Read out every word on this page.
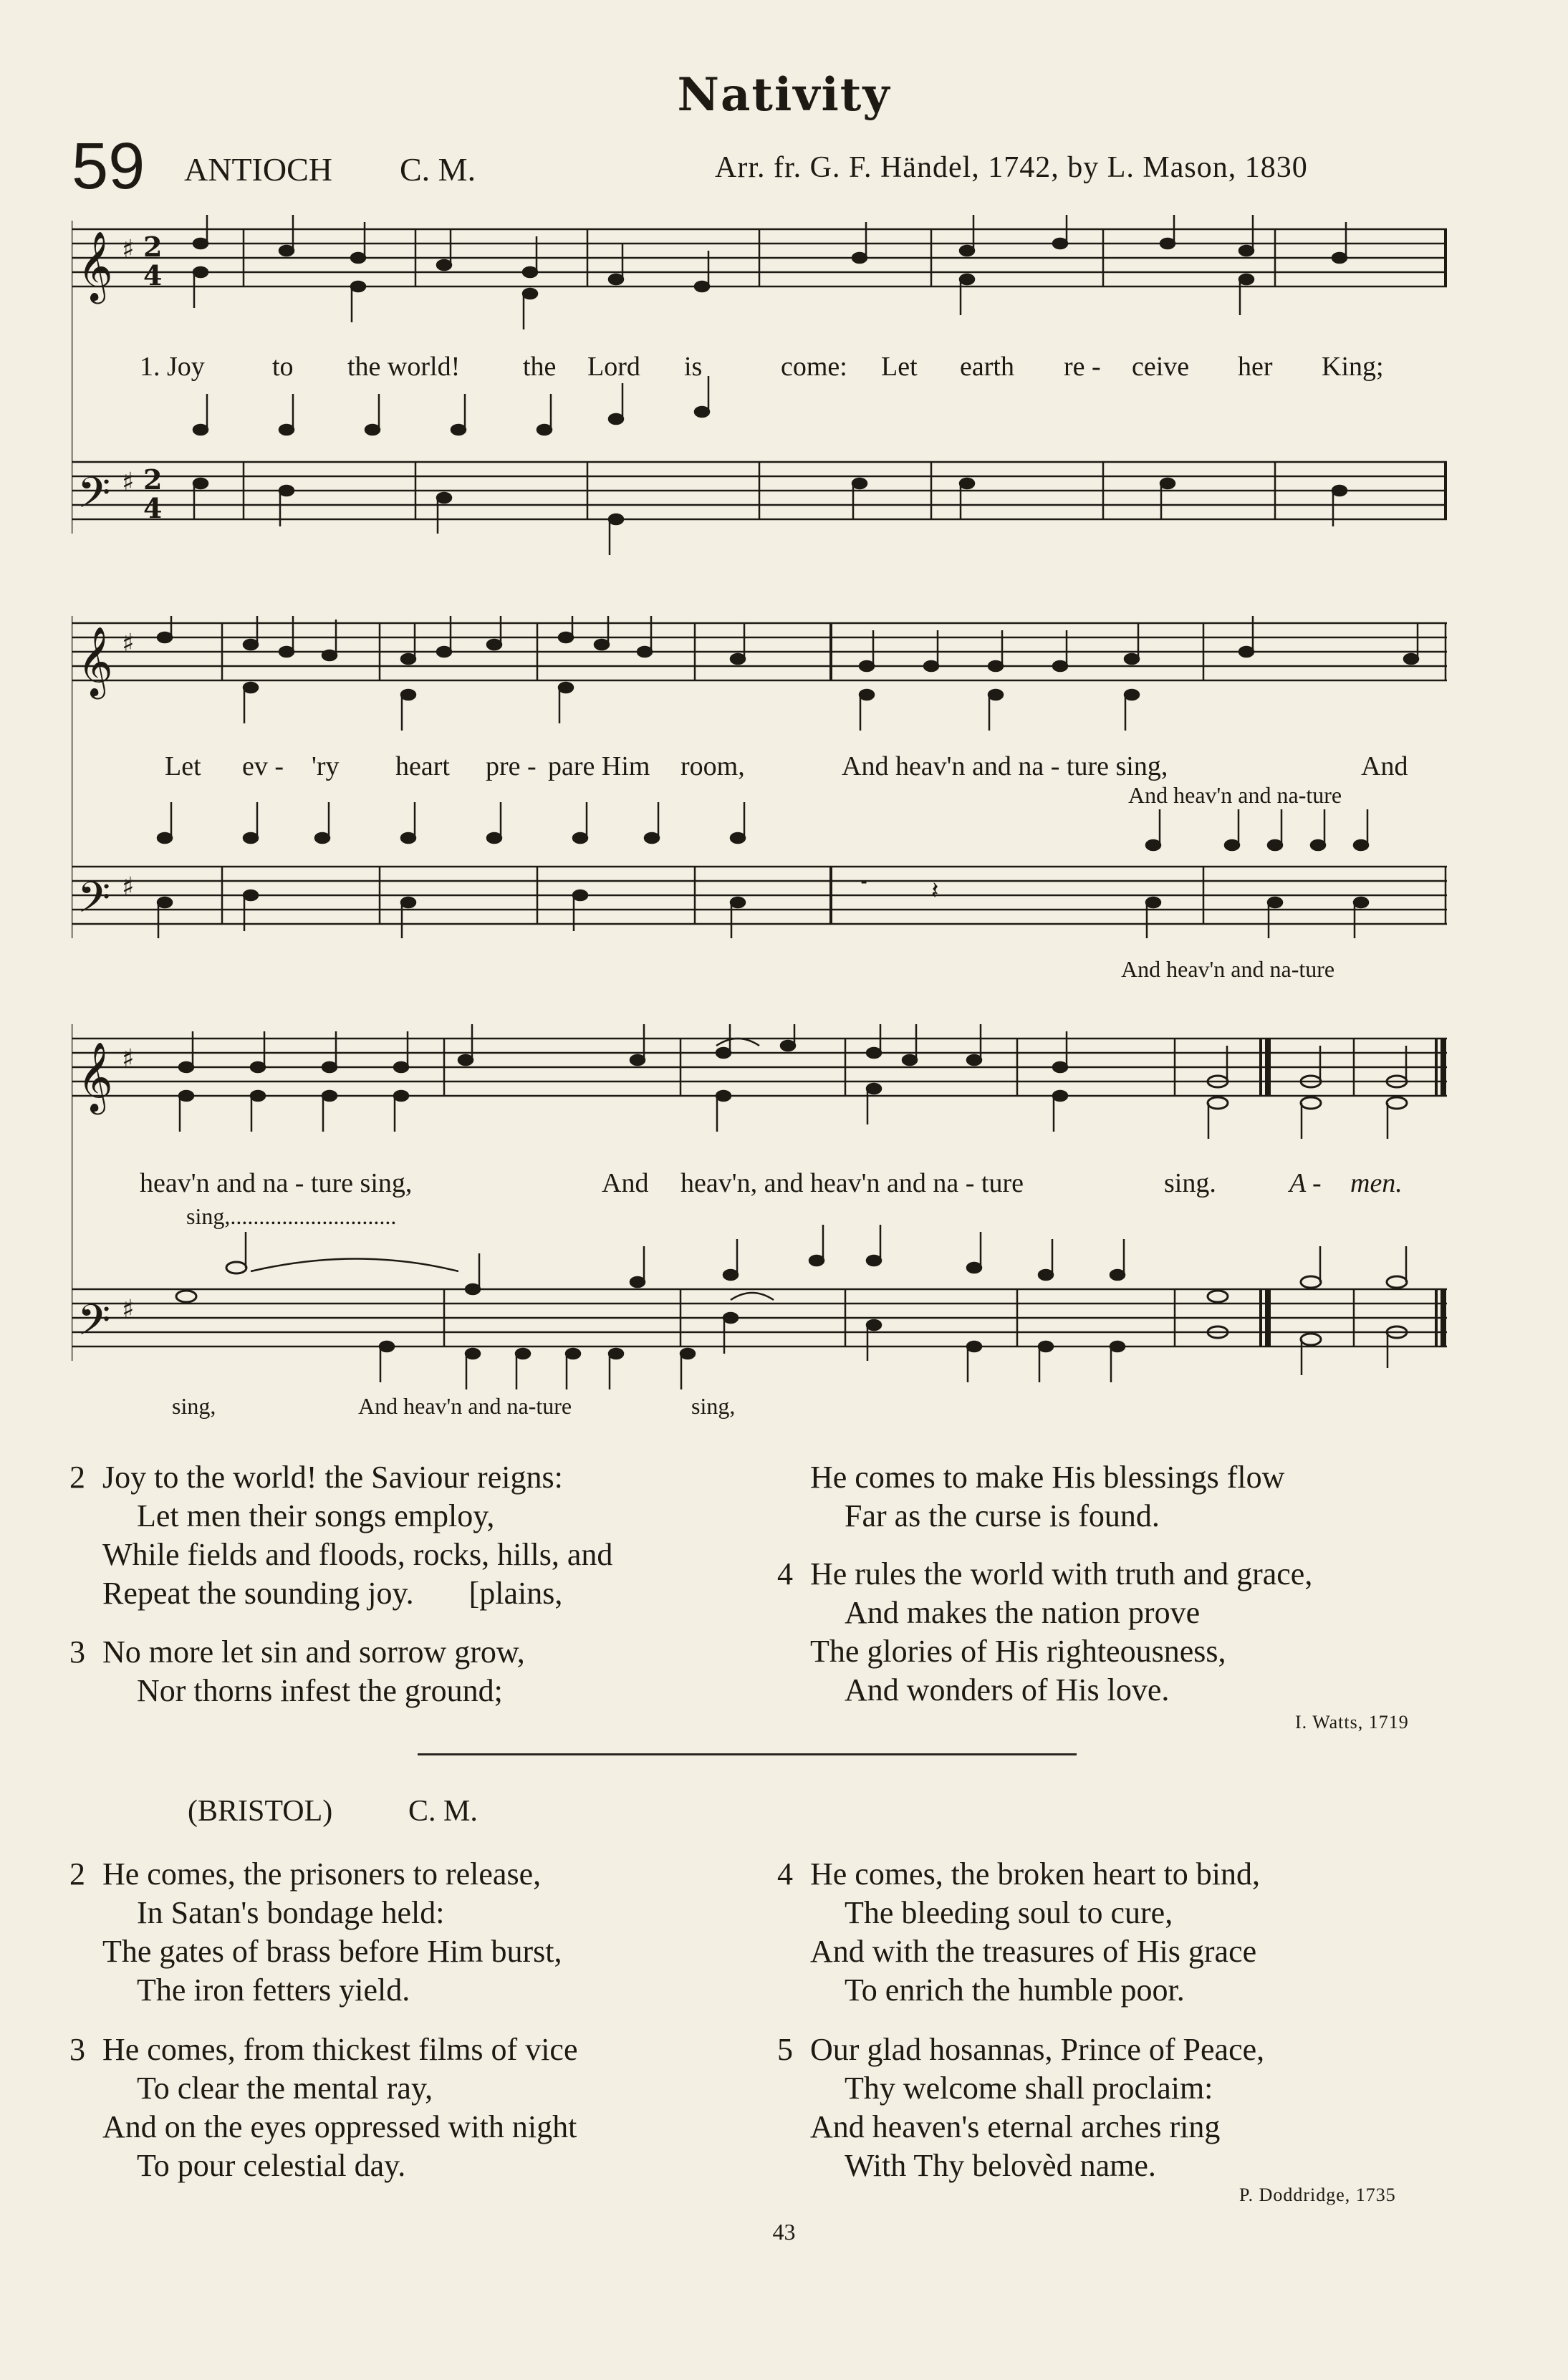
Nativity
59 ANTIOCH C. M.	Arr. fr. G. F. Händel, 1742, by L. Mason, 1830
𝄞
𝄢
♯
♯
2
4
2
4
1. Joy to the world! the Lord is	come: Let earth re - ceive her King;
𝄞
𝄢
♯
♯	𝄻	𝄽
Let ev - 'ry heart pre - pare Him room,	And heav'n and na - ture sing,	And
And heav'n and na-ture
And heav'n and na-ture
𝄞
𝄢
♯
♯
heav'n and na - ture sing,	And heav'n, and heav'n and na - ture	sing.	A - men.
sing,.............................
sing,	And heav'n and na-ture	sing,
2 Joy to the world! the Saviour reigns:
Let men their songs employ,
While fields and floods, rocks, hills, and
Repeat the sounding joy.       [plains,
3 No more let sin and sorrow grow,
Nor thorns infest the ground;
He comes to make His blessings flow
Far as the curse is found.
4 He rules the world with truth and grace,
And makes the nation prove
The glories of His righteousness,
And wonders of His love.
I. Watts, 1719
(BRISTOL)	C. M.
2 He comes, the prisoners to release,
In Satan's bondage held:
The gates of brass before Him burst,
The iron fetters yield.
3 He comes, from thickest films of vice
To clear the mental ray,
And on the eyes oppressed with night
To pour celestial day.
4 He comes, the broken heart to bind,
The bleeding soul to cure,
And with the treasures of His grace
To enrich the humble poor.
5 Our glad hosannas, Prince of Peace,
Thy welcome shall proclaim:
And heaven's eternal arches ring
With Thy belovèd name.
P. Doddridge, 1735
43
